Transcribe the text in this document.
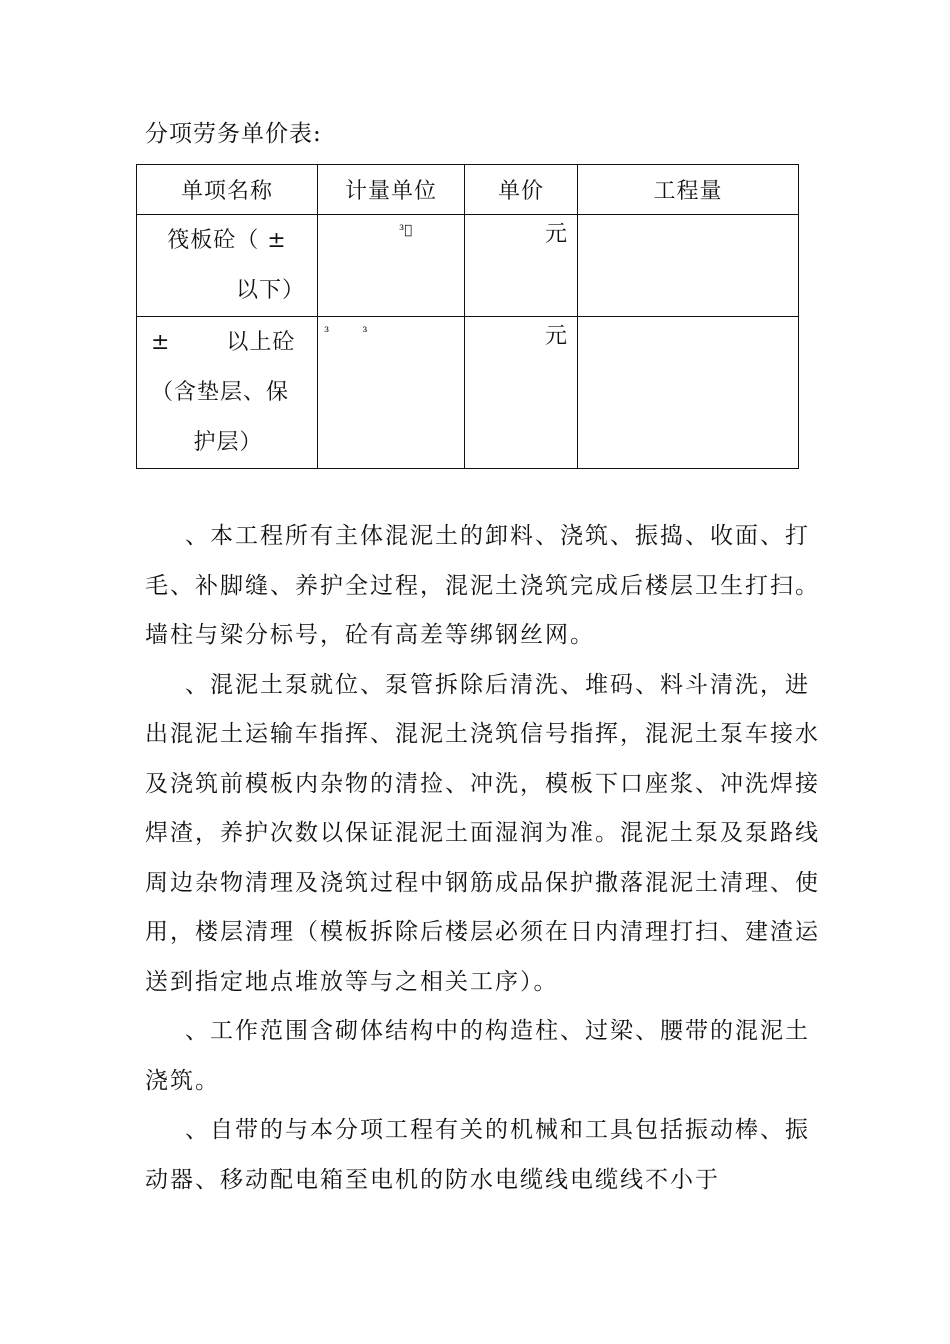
分项劳务单价表:
单项名称	计量单位	单价	工程量

筏板砼（ ±
以下）	³𫒶	元	

±       以上砼
（含垫层、保
护层）	³        ³	元	

、本工程所有主体混泥土的卸料、浇筑、振捣、收面、打毛、补脚缝、养护全过程，混泥土浇筑完成后楼层卫生打扫。墙柱与梁分标号，砼有高差等绑钢丝网。

、混泥土泵就位、泵管拆除后清洗、堆码、料斗清洗，进出混泥土运输车指挥、混泥土浇筑信号指挥，混泥土泵车接水及浇筑前模板内杂物的清捡、冲洗，模板下口座浆、冲洗焊接焊渣，养护次数以保证混泥土面湿润为准。混泥土泵及泵路线周边杂物清理及浇筑过程中钢筋成品保护撒落混泥土清理、使用，楼层清理（模板拆除后楼层必须在日内清理打扫、建渣运送到指定地点堆放等与之相关工序）。

、工作范围含砌体结构中的构造柱、过梁、腰带的混泥土浇筑。

、自带的与本分项工程有关的机械和工具包括振动棒、振动器、移动配电箱至电机的防水电缆线电缆线不小于
